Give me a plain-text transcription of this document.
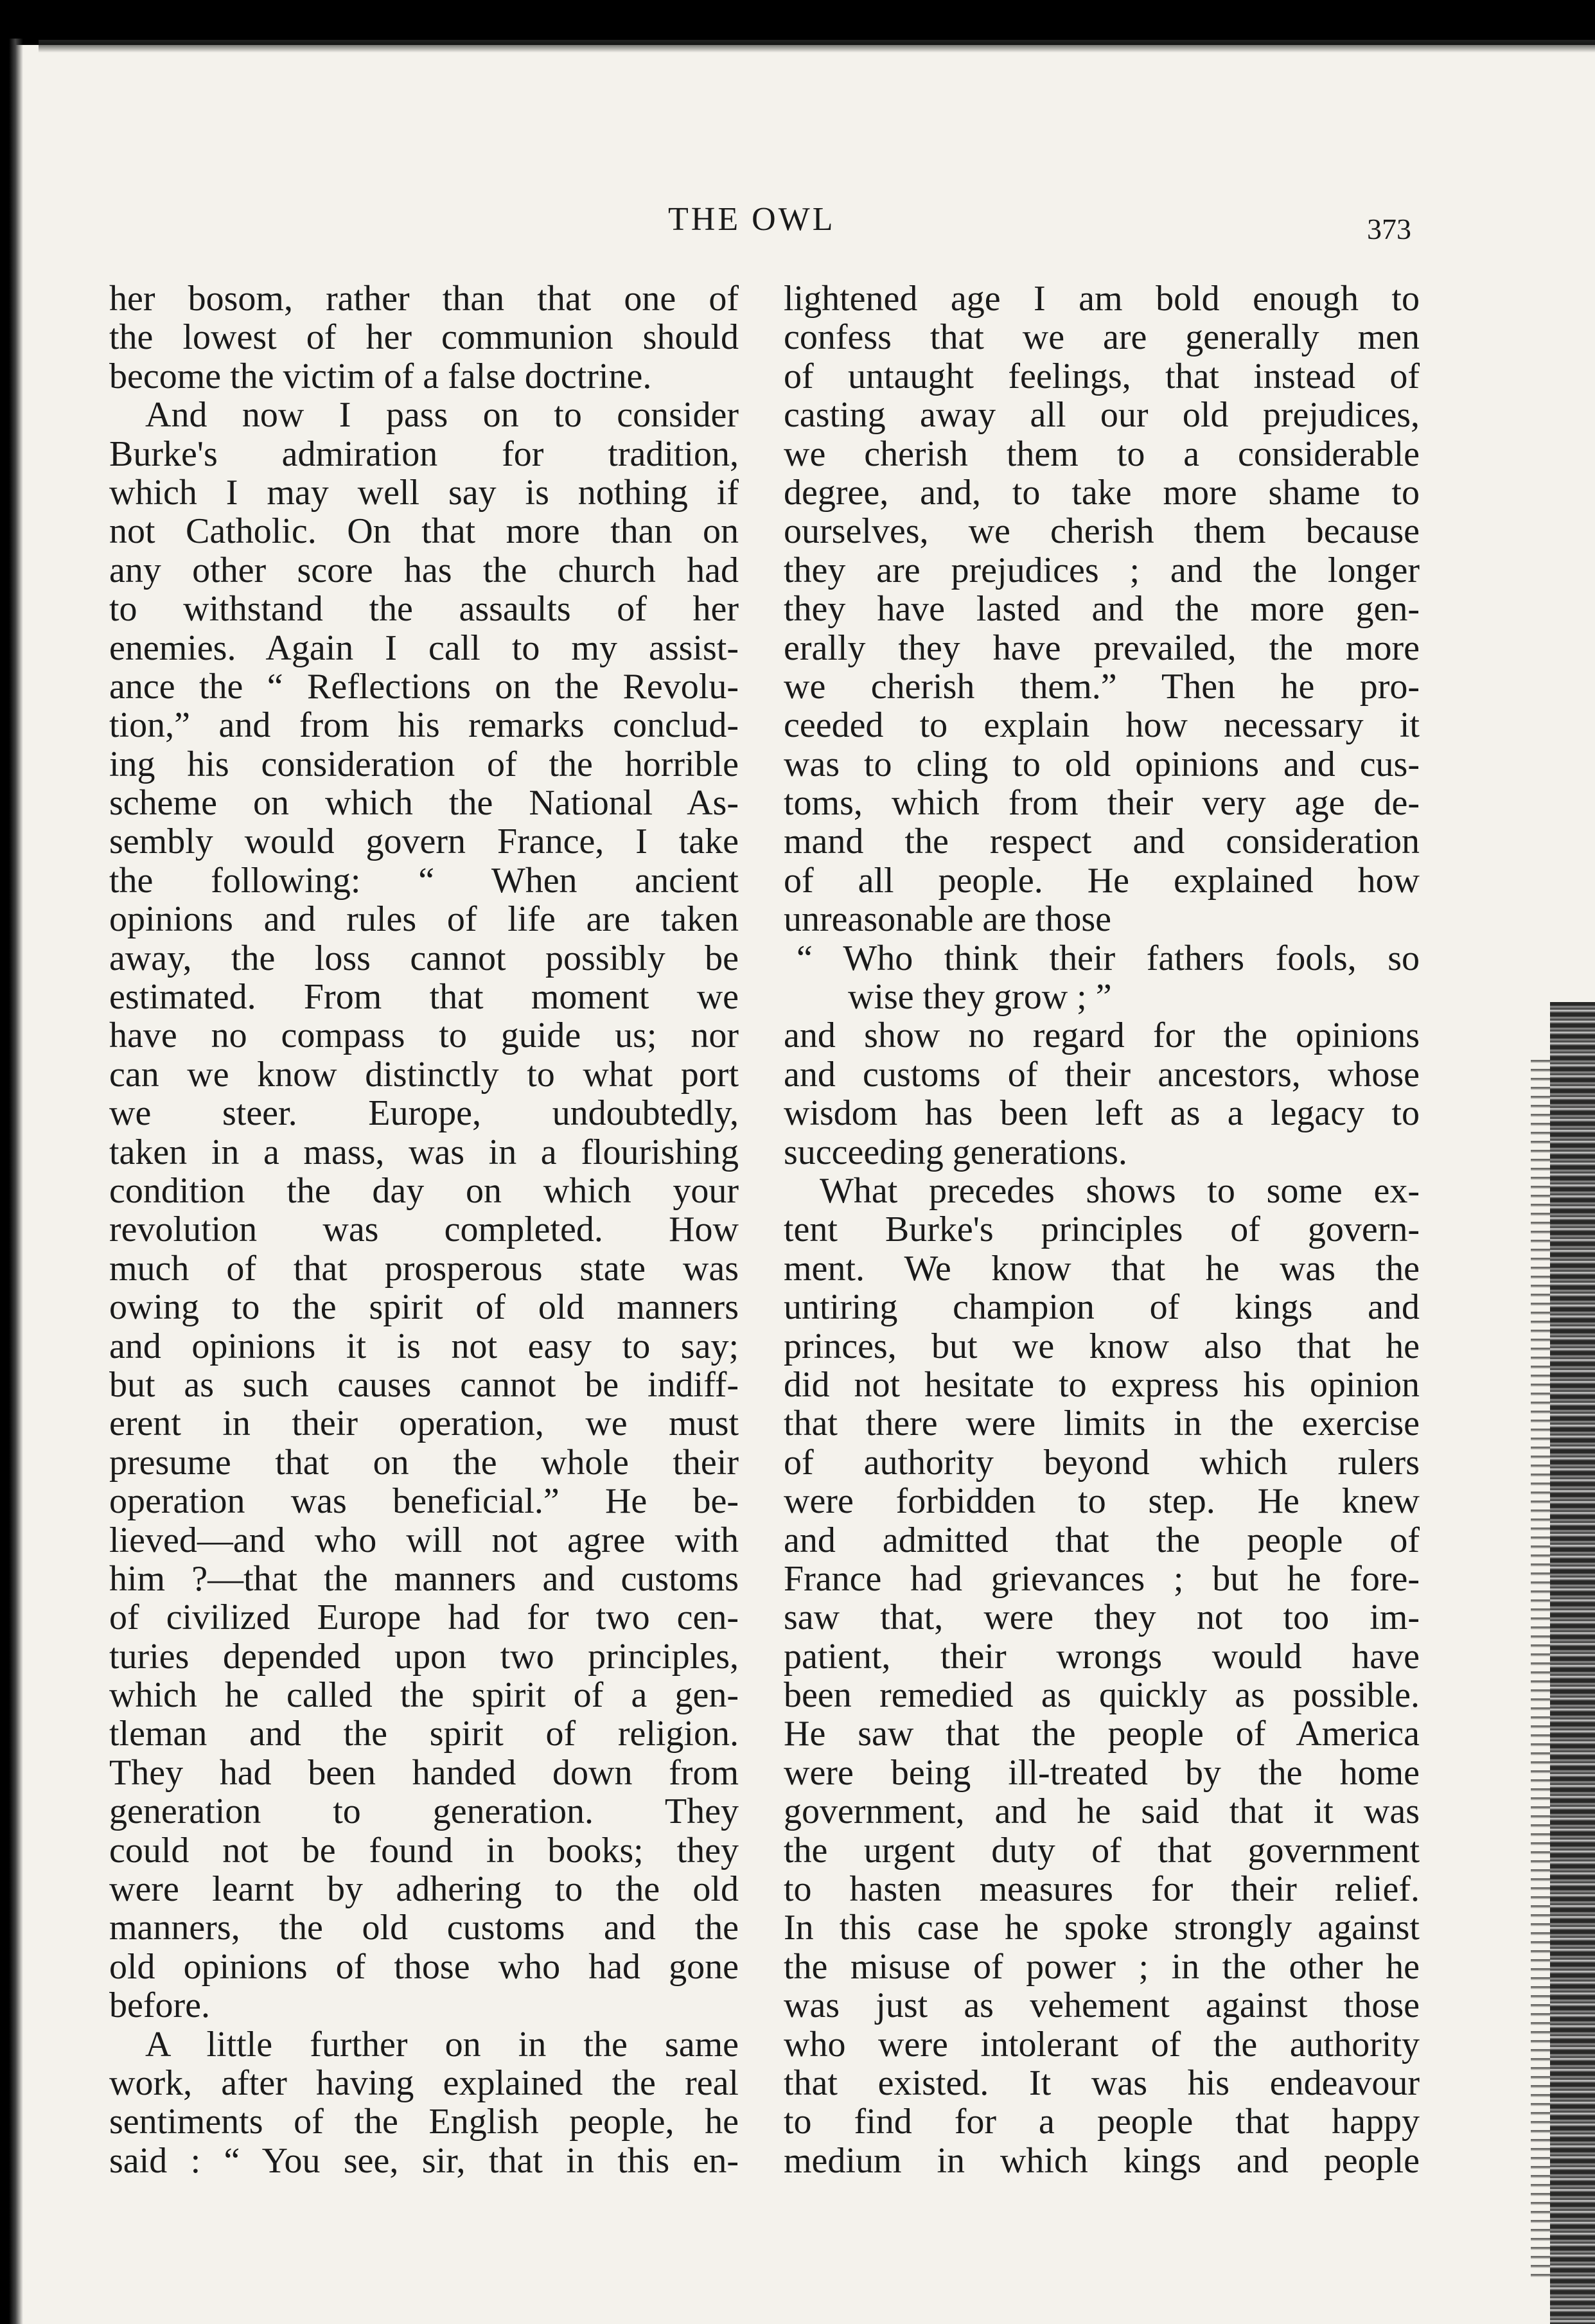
THE OWL	373
her bosom, rather than that one of
the lowest of her communion should
become the victim of a false doctrine.
And now I pass on to consider
Burke's admiration for tradition,
which I may well say is nothing if
not Catholic. On that more than on
any other score has the church had
to withstand the assaults of her
enemies. Again I call to my assist-
ance the “ Reflections on the Revolu-
tion,” and from his remarks conclud-
ing his consideration of the horrible
scheme on which the National As-
sembly would govern France, I take
the following: “ When ancient
opinions and rules of life are taken
away, the loss cannot possibly be
estimated. From that moment we
have no compass to guide us; nor
can we know distinctly to what port
we steer. Europe, undoubtedly,
taken in a mass, was in a flourishing
condition the day on which your
revolution was completed. How
much of that prosperous state was
owing to the spirit of old manners
and opinions it is not easy to say;
but as such causes cannot be indiff-
erent in their operation, we must
presume that on the whole their
operation was beneficial.” He be-
lieved—and who will not agree with
him ?—that the manners and customs
of civilized Europe had for two cen-
turies depended upon two principles,
which he called the spirit of a gen-
tleman and the spirit of religion.
They had been handed down from
generation to generation. They
could not be found in books; they
were learnt by adhering to the old
manners, the old customs and the
old opinions of those who had gone
before.
A little further on in the same
work, after having explained the real
sentiments of the English people, he
said : “ You see, sir, that in this en-
lightened age I am bold enough to
confess that we are generally men
of untaught feelings, that instead of
casting away all our old prejudices,
we cherish them to a considerable
degree, and, to take more shame to
ourselves, we cherish them because
they are prejudices ; and the longer
they have lasted and the more gen-
erally they have prevailed, the more
we cherish them.” Then he pro-
ceeded to explain how necessary it
was to cling to old opinions and cus-
toms, which from their very age de-
mand the respect and consideration
of all people. He explained how
unreasonable are those
“ Who think their fathers fools, so
wise they grow ; ”
and show no regard for the opinions
and customs of their ancestors, whose
wisdom has been left as a legacy to
succeeding generations.
What precedes shows to some ex-
tent Burke's principles of govern-
ment. We know that he was the
untiring champion of kings and
princes, but we know also that he
did not hesitate to express his opinion
that there were limits in the exercise
of authority beyond which rulers
were forbidden to step. He knew
and admitted that the people of
France had grievances ; but he fore-
saw that, were they not too im-
patient, their wrongs would have
been remedied as quickly as possible.
He saw that the people of America
were being ill-treated by the home
government, and he said that it was
the urgent duty of that government
to hasten measures for their relief.
In this case he spoke strongly against
the misuse of power ; in the other he
was just as vehement against those
who were intolerant of the authority
that existed. It was his endeavour
to find for a people that happy
medium in which kings and people
